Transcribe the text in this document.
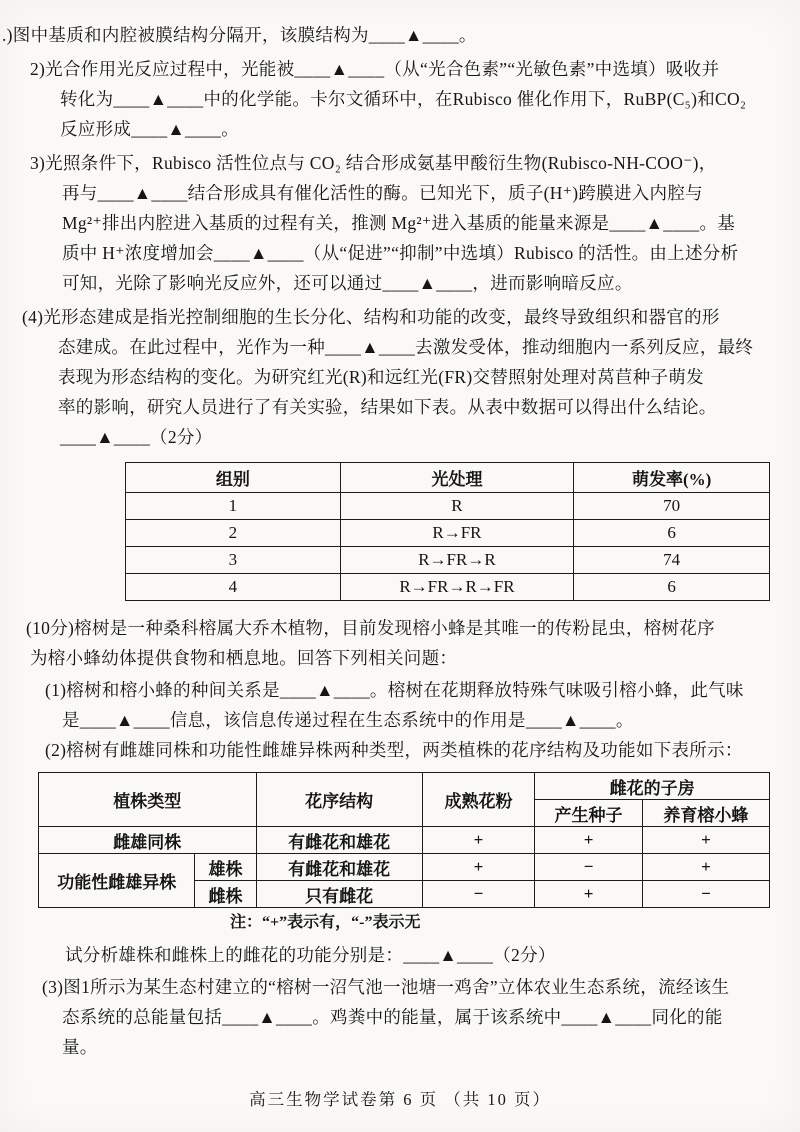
.)图中基质和内腔被膜结构分隔开，该膜结构为____▲____。
2)光合作用光反应过程中，光能被____▲____（从“光合色素”“光敏色素”中选填）吸收并
转化为____▲____中的化学能。卡尔文循环中，在Rubisco 催化作用下，RuBP(C₅)和CO₂
反应形成____▲____。
3)光照条件下，Rubisco 活性位点与 CO₂ 结合形成氨基甲酸衍生物(Rubisco-NH-COO⁻)，
再与____▲____结合形成具有催化活性的酶。已知光下，质子(H⁺)跨膜进入内腔与
Mg²⁺排出内腔进入基质的过程有关，推测 Mg²⁺进入基质的能量来源是____▲____。基
质中 H⁺浓度增加会____▲____（从“促进”“抑制”中选填）Rubisco 的活性。由上述分析
可知，光除了影响光反应外，还可以通过____▲____，进而影响暗反应。
(4)光形态建成是指光控制细胞的生长分化、结构和功能的改变，最终导致组织和器官的形
态建成。在此过程中，光作为一种____▲____去激发受体，推动细胞内一系列反应，最终
表现为形态结构的变化。为研究红光(R)和远红光(FR)交替照射处理对莴苣种子萌发
率的影响，研究人员进行了有关实验，结果如下表。从表中数据可以得出什么结论。
____▲____（2分）
组别	光处理	萌发率(%)
1	R	70
2	R→FR	6
3	R→FR→R	74
4	R→FR→R→FR	6
(10分)榕树是一种桑科榕属大乔木植物，目前发现榕小蜂是其唯一的传粉昆虫，榕树花序
为榕小蜂幼体提供食物和栖息地。回答下列相关问题：
(1)榕树和榕小蜂的种间关系是____▲____。榕树在花期释放特殊气味吸引榕小蜂，此气味
是____▲____信息，该信息传递过程在生态系统中的作用是____▲____。
(2)榕树有雌雄同株和功能性雌雄异株两种类型，两类植株的花序结构及功能如下表所示：
植株类型		花序结构	成熟花粉	雌花的子房	
				产生种子	养育榕小蜂
雌雄同株		有雌花和雄花	+	+	+
功能性雌雄异株	雄株	有雌花和雄花	+	−	+
	雌株	只有雌花	−	+	−
注：“+”表示有，“-”表示无
试分析雄株和雌株上的雌花的功能分别是：____▲____（2分）
(3)图1所示为某生态村建立的“榕树一沼气池一池塘一鸡舍”立体农业生态系统，流经该生
态系统的总能量包括____▲____。鸡粪中的能量，属于该系统中____▲____同化的能
量。
高三生物学试卷第 6 页 （共 10 页）
